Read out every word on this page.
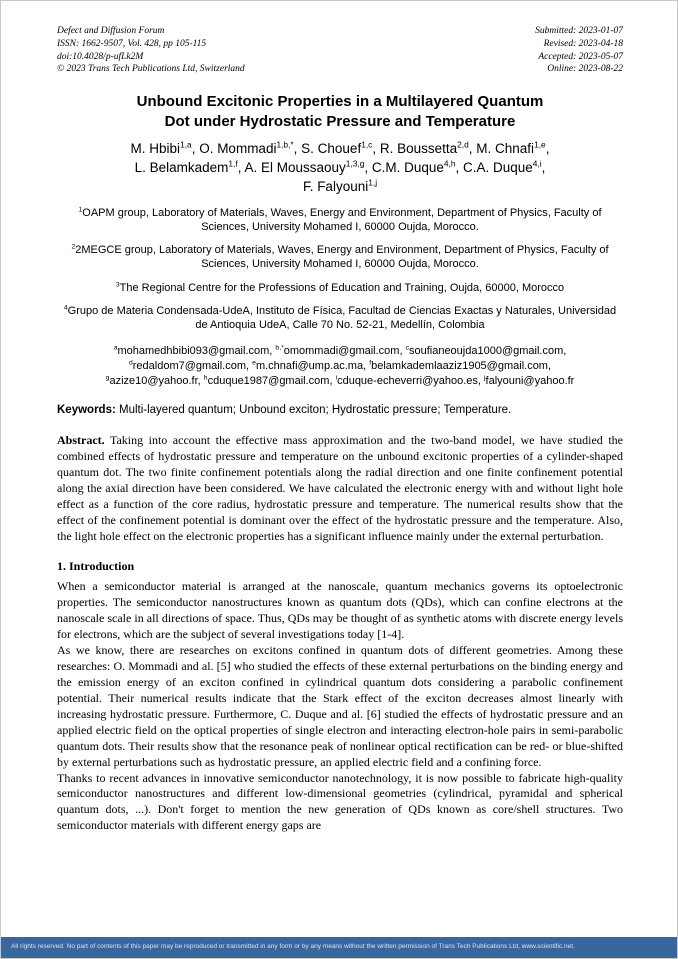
Defect and Diffusion Forum
ISSN: 1662-9507, Vol. 428, pp 105-115
doi:10.4028/p-ufLk2M
© 2023 Trans Tech Publications Ltd, Switzerland
Submitted: 2023-01-07
Revised: 2023-04-18
Accepted: 2023-05-07
Online: 2023-08-22
Unbound Excitonic Properties in a Multilayered Quantum
Dot under Hydrostatic Pressure and Temperature
M. Hbibi$^{1,a}$, O. Mommadi$^{1,b,*}$, S. Chouef$^{1,c}$, R. Boussetta$^{2,d}$, M. Chnafi$^{1,e}$,
L. Belamkadem$^{1,f}$, A. El Moussaouy$^{1,3,g}$, C.M. Duque$^{4,h}$, C.A. Duque$^{4,i}$,
F. Falyouni$^{1,j}$
$^1$OAPM group, Laboratory of Materials, Waves, Energy and Environment, Department of Physics, Faculty of Sciences, University Mohamed I, 60000 Oujda, Morocco.
$^2$2MEGCE group, Laboratory of Materials, Waves, Energy and Environment, Department of Physics, Faculty of Sciences, University Mohamed I, 60000 Oujda, Morocco.
$^3$The Regional Centre for the Professions of Education and Training, Oujda, 60000, Morocco
$^4$Grupo de Materia Condensada-UdeA, Instituto de Física, Facultad de Ciencias Exactas y Naturales, Universidad de Antioquia UdeA, Calle 70 No. 52-21, Medellín, Colombia
$^a$mohamedhbibi093@gmail.com, $^{b,*}$omommadi@gmail.com, $^c$soufianeoujda1000@gmail.com,
$^d$redaldom7@gmail.com, $^e$m.chnafi@ump.ac.ma, $^f$belamkademlaaziz1905@gmail.com,
$^g$azize10@yahoo.fr, $^h$cduque1987@gmail.com, $^i$cduque-echeverri@yahoo.es, $^j$falyouni@yahoo.fr
Keywords: Multi-layered quantum; Unbound exciton; Hydrostatic pressure; Temperature.
Abstract. Taking into account the effective mass approximation and the two-band model, we have studied the combined effects of hydrostatic pressure and temperature on the unbound excitonic properties of a cylinder-shaped quantum dot. The two finite confinement potentials along the radial direction and one finite confinement potential along the axial direction have been considered. We have calculated the electronic energy with and without light hole effect as a function of the core radius, hydrostatic pressure and temperature. The numerical results show that the effect of the confinement potential is dominant over the effect of the hydrostatic pressure and the temperature. Also, the light hole effect on the electronic properties has a significant influence mainly under the external perturbation.
1. Introduction

When a semiconductor material is arranged at the nanoscale, quantum mechanics governs its optoelectronic properties. The semiconductor nanostructures known as quantum dots (QDs), which can confine electrons at the nanoscale scale in all directions of space. Thus, QDs may be thought of as synthetic atoms with discrete energy levels for electrons, which are the subject of several investigations today [1-4].

As we know, there are researches on excitons confined in quantum dots of different geometries. Among these researches: O. Mommadi and al. [5] who studied the effects of these external perturbations on the binding energy and the emission energy of an exciton confined in cylindrical quantum dots considering a parabolic confinement potential. Their numerical results indicate that the Stark effect of the exciton decreases almost linearly with increasing hydrostatic pressure. Furthermore, C. Duque and al. [6] studied the effects of hydrostatic pressure and an applied electric field on the optical properties of single electron and interacting electron-hole pairs in semi-parabolic quantum dots. Their results show that the resonance peak of nonlinear optical rectification can be red- or blue-shifted by external perturbations such as hydrostatic pressure, an applied electric field and a confining force.

Thanks to recent advances in innovative semiconductor nanotechnology, it is now possible to fabricate high-quality semiconductor nanostructures and different low-dimensional geometries (cylindrical, pyramidal and spherical quantum dots, ...). Don't forget to mention the new generation of QDs known as core/shell structures. Two semiconductor materials with different energy gaps are

All rights reserved. No part of contents of this paper may be reproduced or transmitted in any form or by any means without the written permission of Trans Tech Publications Ltd, www.scientific.net.
